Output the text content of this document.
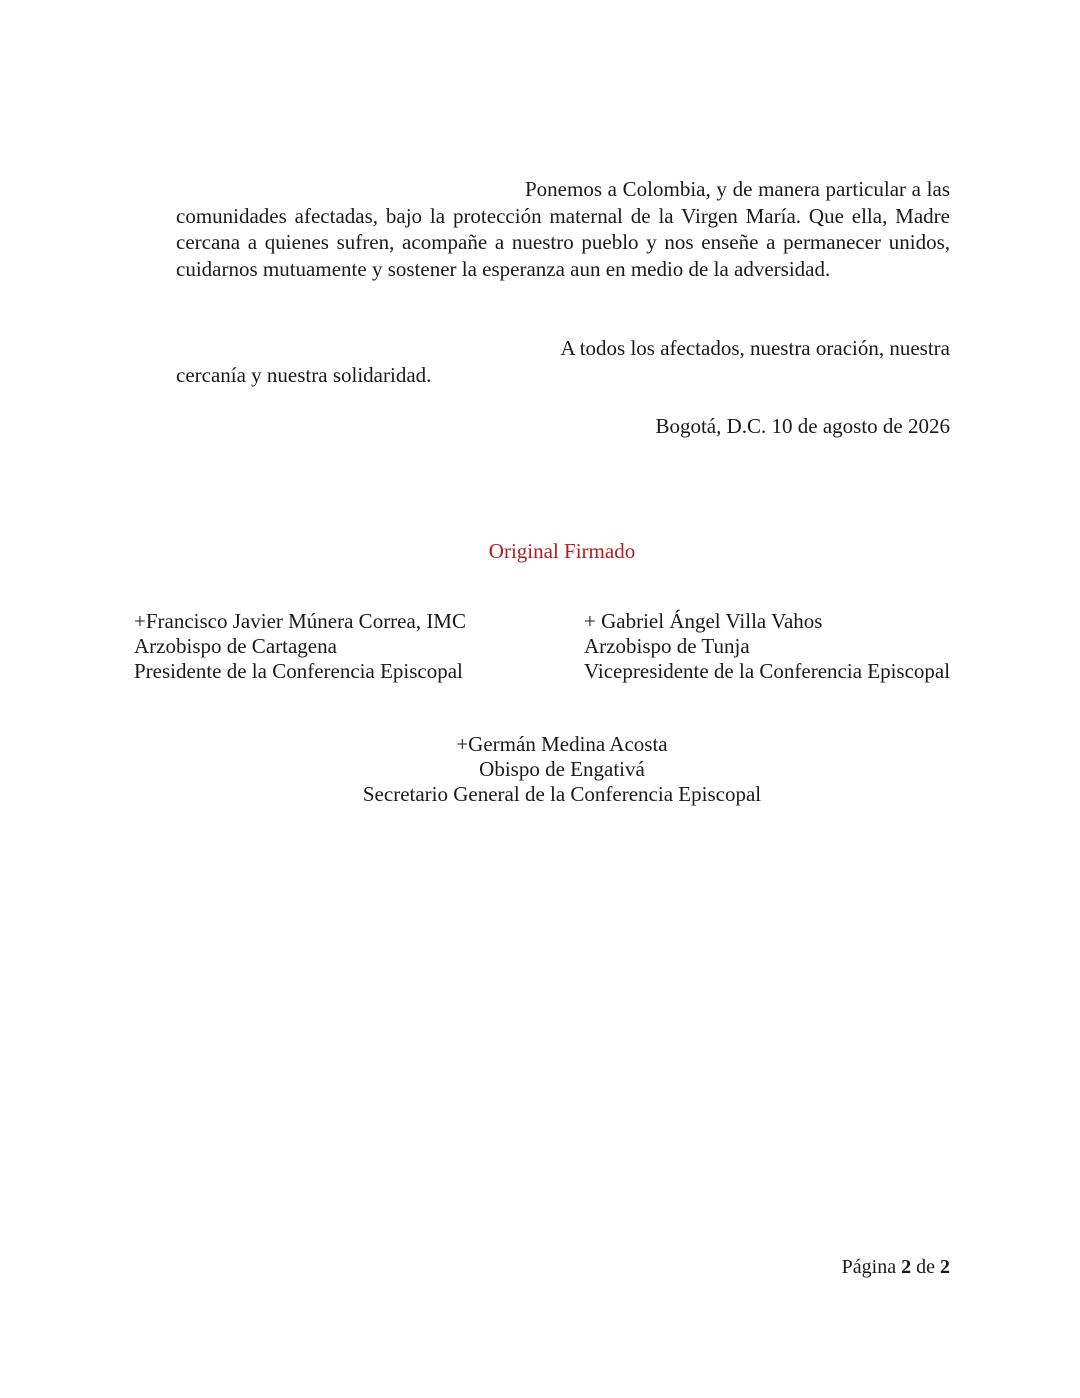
Ponemos a Colombia, y de manera particular a las comunidades afectadas, bajo la protección maternal de la Virgen María. Que ella, Madre cercana a quienes sufren, acompañe a nuestro pueblo y nos enseñe a permanecer unidos, cuidarnos mutuamente y sostener la esperanza aun en medio de la adversidad.

A todos los afectados, nuestra oración, nuestra
cercanía y nuestra solidaridad.
Bogotá, D.C. 10 de agosto de 2026
Original Firmado
+Francisco Javier Múnera Correa, IMC
Arzobispo de Cartagena
Presidente de la Conferencia Episcopal
+ Gabriel Ángel Villa Vahos
Arzobispo de Tunja
Vicepresidente de la Conferencia Episcopal
+Germán Medina Acosta
Obispo de Engativá
Secretario General de la Conferencia Episcopal
Página 2 de 2
